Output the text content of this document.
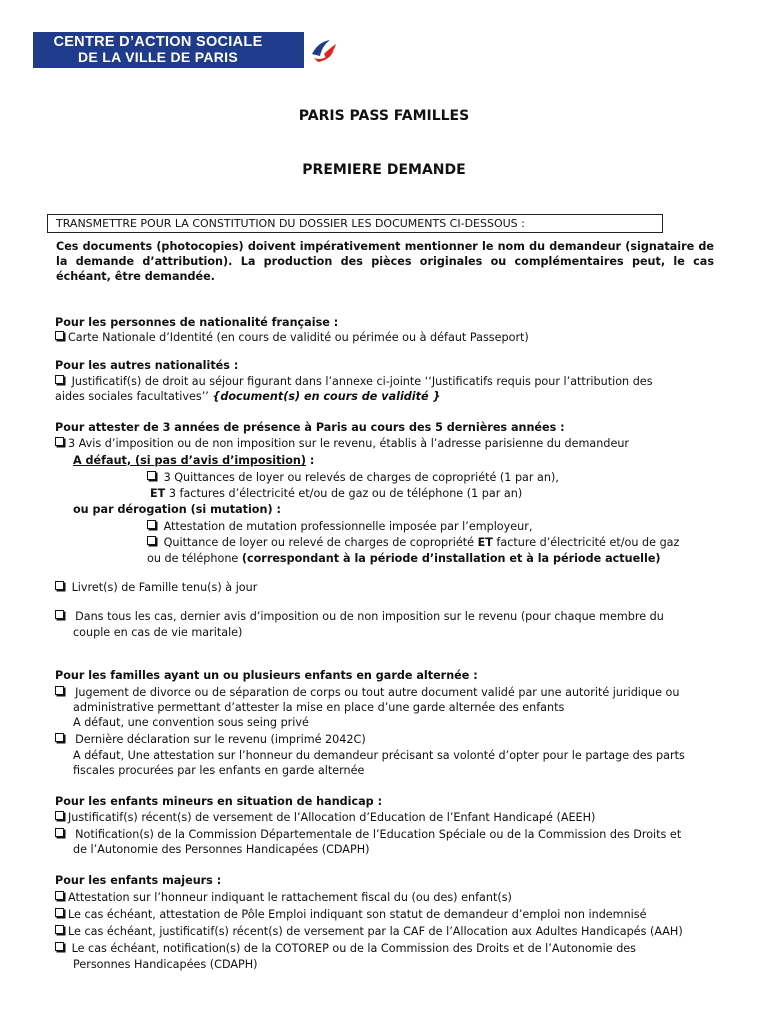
CENTRE D’ACTION SOCIALE
DE LA VILLE DE PARIS
PARIS PASS FAMILLES
PREMIERE DEMANDE
TRANSMETTRE POUR LA CONSTITUTION DU DOSSIER LES DOCUMENTS CI-DESSOUS :
Ces documents (photocopies) doivent impérativement mentionner le nom du demandeur (signataire de la demande d’attribution). La production des pièces originales ou complémentaires peut, le cas échéant, être demandée.
Pour les personnes de nationalité française :
Carte Nationale d’Identité (en cours de validité ou périmée ou à défaut Passeport)
Pour les autres nationalités :
Justificatif(s) de droit au séjour figurant dans l’annexe ci-jointe ‘‘Justificatifs requis pour l’attribution des
aides sociales facultatives’’ {document(s) en cours de validité }
Pour attester de 3 années de présence à Paris au cours des 5 dernières années :
3 Avis d’imposition ou de non imposition sur le revenu, établis à l’adresse parisienne du demandeur
A défaut, (si pas d’avis d’imposition) :
3 Quittances de loyer ou relevés de charges de copropriété (1 par an),
ET 3 factures d’électricité et/ou de gaz ou de téléphone (1 par an)
ou par dérogation (si mutation) :
Attestation de mutation professionnelle imposée par l’employeur,
Quittance de loyer ou relevé de charges de copropriété ET facture d’électricité et/ou de gaz
ou de téléphone (correspondant à la période d’installation et à la période actuelle)
Livret(s) de Famille tenu(s) à jour
Dans tous les cas, dernier avis d’imposition ou de non imposition sur le revenu (pour chaque membre du
couple en cas de vie maritale)
Pour les familles ayant un ou plusieurs enfants en garde alternée :
Jugement de divorce ou de séparation de corps ou tout autre document validé par une autorité juridique ou
administrative permettant d’attester la mise en place d’une garde alternée des enfants
A défaut, une convention sous seing privé
Dernière déclaration sur le revenu (imprimé 2042C)
A défaut, Une attestation sur l’honneur du demandeur précisant sa volonté d’opter pour le partage des parts
fiscales procurées par les enfants en garde alternée
Pour les enfants mineurs en situation de handicap :
Justificatif(s) récent(s) de versement de l’Allocation d’Education de l’Enfant Handicapé (AEEH)
Notification(s) de la Commission Départementale de l’Education Spéciale ou de la Commission des Droits et
de l’Autonomie des Personnes Handicapées (CDAPH)
Pour les enfants majeurs :
Attestation sur l’honneur indiquant le rattachement fiscal du (ou des) enfant(s)
Le cas échéant, attestation de Pôle Emploi indiquant son statut de demandeur d’emploi non indemnisé
Le cas échéant, justificatif(s) récent(s) de versement par la CAF de l’Allocation aux Adultes Handicapés (AAH)
Le cas échéant, notification(s) de la COTOREP ou de la Commission des Droits et de l’Autonomie des
Personnes Handicapées (CDAPH)
